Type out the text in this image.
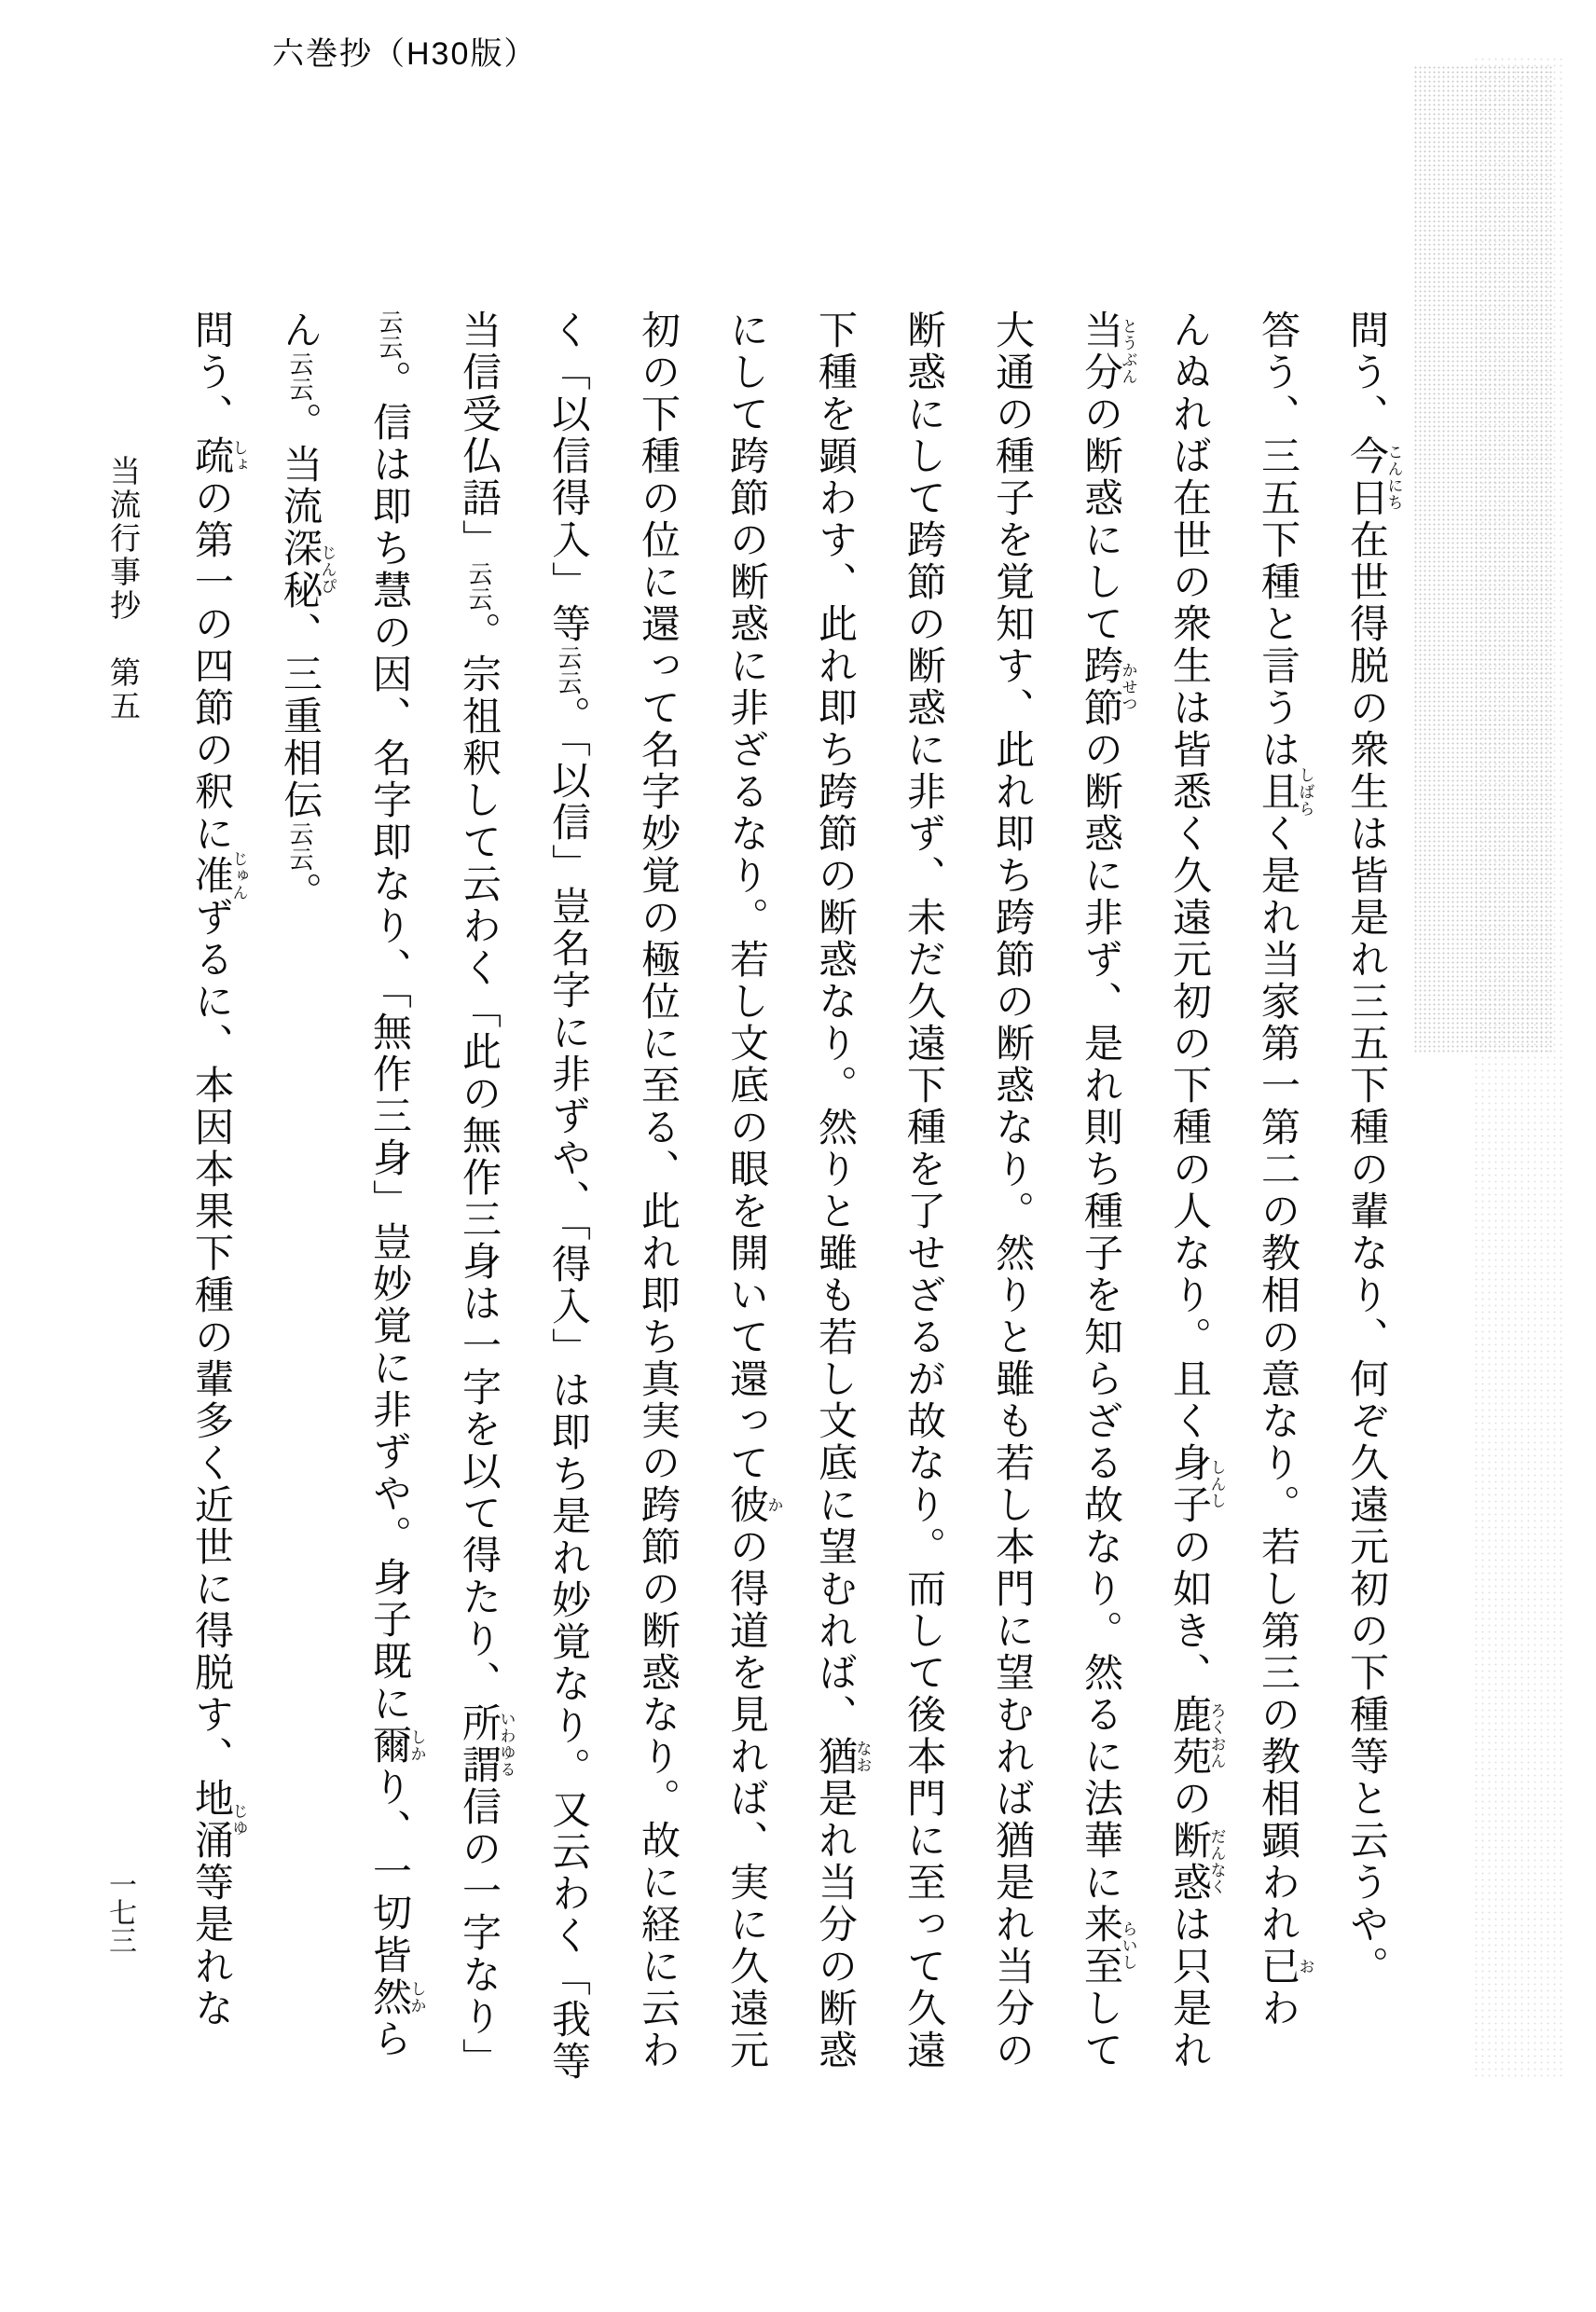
六巻抄（H30版）
問う、今日こんにち在世得脱の衆生は皆是れ三五下種の輩なり、何ぞ久遠元初の下種等と云うや。
答う、三五下種と言うは且しばらく是れ当家第一第二の教相の意なり。若し第三の教相顕われ已おわ
んぬれば在世の衆生は皆悉く久遠元初の下種の人なり。且く身子しんしの如き、鹿苑ろくおんの断惑だんなくは只是れ
当分とうぶんの断惑にして跨節かせつの断惑に非ず、是れ則ち種子を知らざる故なり。然るに法華に来至らいしして
大通の種子を覚知す、此れ即ち跨節の断惑なり。然りと雖も若し本門に望むれば猶是れ当分の
断惑にして跨節の断惑に非ず、未だ久遠下種を了せざるが故なり。而して後本門に至って久遠
下種を顕わす、此れ即ち跨節の断惑なり。然りと雖も若し文底に望むれば、猶なお是れ当分の断惑
にして跨節の断惑に非ざるなり。若し文底の眼を開いて還って彼かの得道を見れば、実に久遠元
初の下種の位に還って名字妙覚の極位に至る、此れ即ち真実の跨節の断惑なり。故に経に云わ
く「以信得入」等云云。「以信」豈名字に非ずや、「得入」は即ち是れ妙覚なり。又云わく「我等
当信受仏語」云云。宗祖釈して云わく「此の無作三身は一字を以て得たり、所謂いわゆる信の一字なり」
云云。信は即ち慧の因、名字即なり、「無作三身」豈妙覚に非ずや。身子既に爾しかり、一切皆然しから
ん云云。当流深秘じんぴ、三重相伝云云。
問う、疏しょの第一の四節の釈に准じゅんずるに、本因本果下種の輩多く近世に得脱す、地涌じゆ等是れな
当流行事抄　第五
一七三
